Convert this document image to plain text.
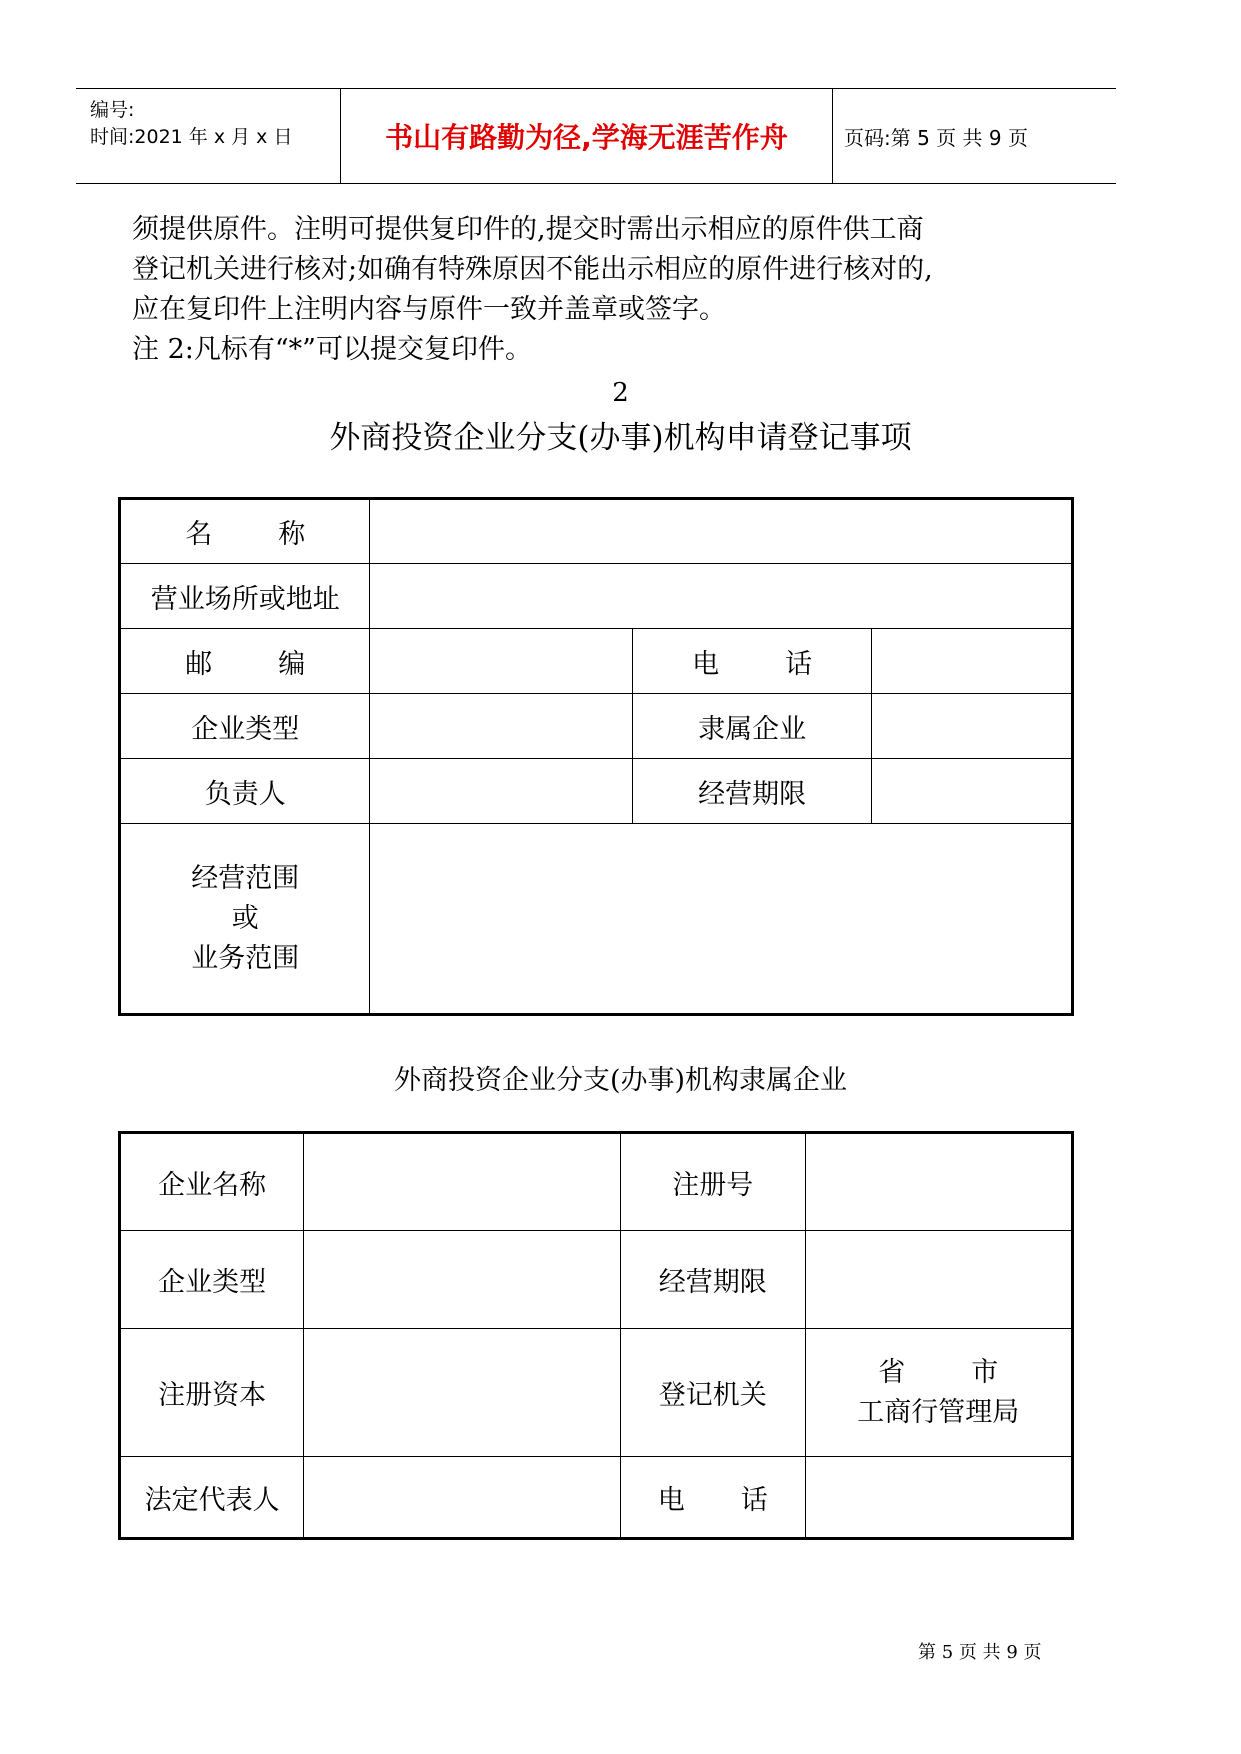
编号:
时间:2021 年 x 月 x 日	书山有路勤为径,学海无涯苦作舟	页码:第 5 页 共 9 页
须提供原件。注明可提供复印件的,提交时需出示相应的原件供工商
登记机关进行核对;如确有特殊原因不能出示相应的原件进行核对的,
应在复印件上注明内容与原件一致并盖章或签字。
注 2:凡标有“*”可以提交复印件。
2
外商投资企业分支(办事)机构申请登记事项
名 称			

营业场所或地址			

邮 编		电 话	

企业类型		隶属企业	
负责人		经营期限	

经营范围
或
业务范围			

外商投资企业分支(办事)机构隶属企业
企业名称		注册号	
企业类型		经营期限	
注册资本		登记机关	省 市
工商行管理局

法定代表人		电 话	

第 5 页 共 9 页
